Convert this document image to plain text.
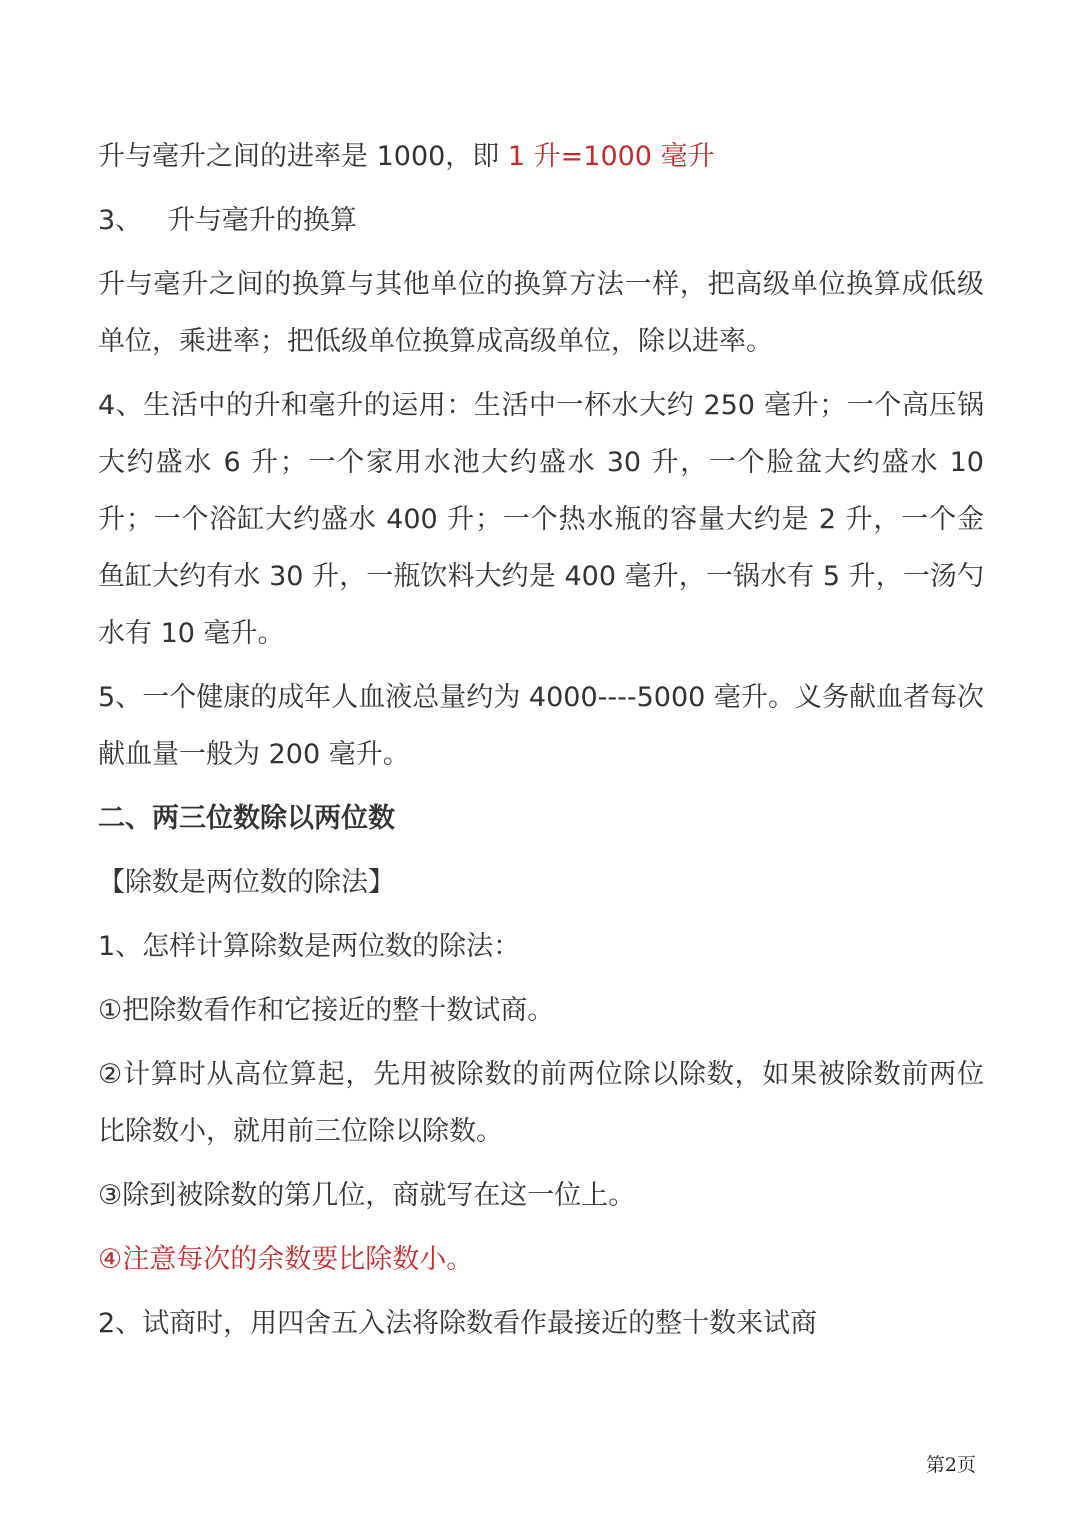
升与毫升之间的进率是 1000，即 1 升=1000 毫升

3、   升与毫升的换算

升与毫升之间的换算与其他单位的换算方法一样，把高级单位换算成低级单位，乘进率；把低级单位换算成高级单位，除以进率。

4、生活中的升和毫升的运用：生活中一杯水大约 250 毫升；一个高压锅大约盛水 6 升；一个家用水池大约盛水 30 升，一个脸盆大约盛水 10 升；一个浴缸大约盛水 400 升；一个热水瓶的容量大约是 2 升，一个金鱼缸大约有水 30 升，一瓶饮料大约是 400 毫升，一锅水有 5 升，一汤勺水有 10 毫升。

5、一个健康的成年人血液总量约为 4000----5000 毫升。义务献血者每次献血量一般为 200 毫升。

二、两三位数除以两位数

【除数是两位数的除法】

1、怎样计算除数是两位数的除法：

①把除数看作和它接近的整十数试商。

②计算时从高位算起，先用被除数的前两位除以除数，如果被除数前两位比除数小，就用前三位除以除数。

③除到被除数的第几位，商就写在这一位上。

④注意每次的余数要比除数小。

2、试商时，用四舍五入法将除数看作最接近的整十数来试商

第2页
